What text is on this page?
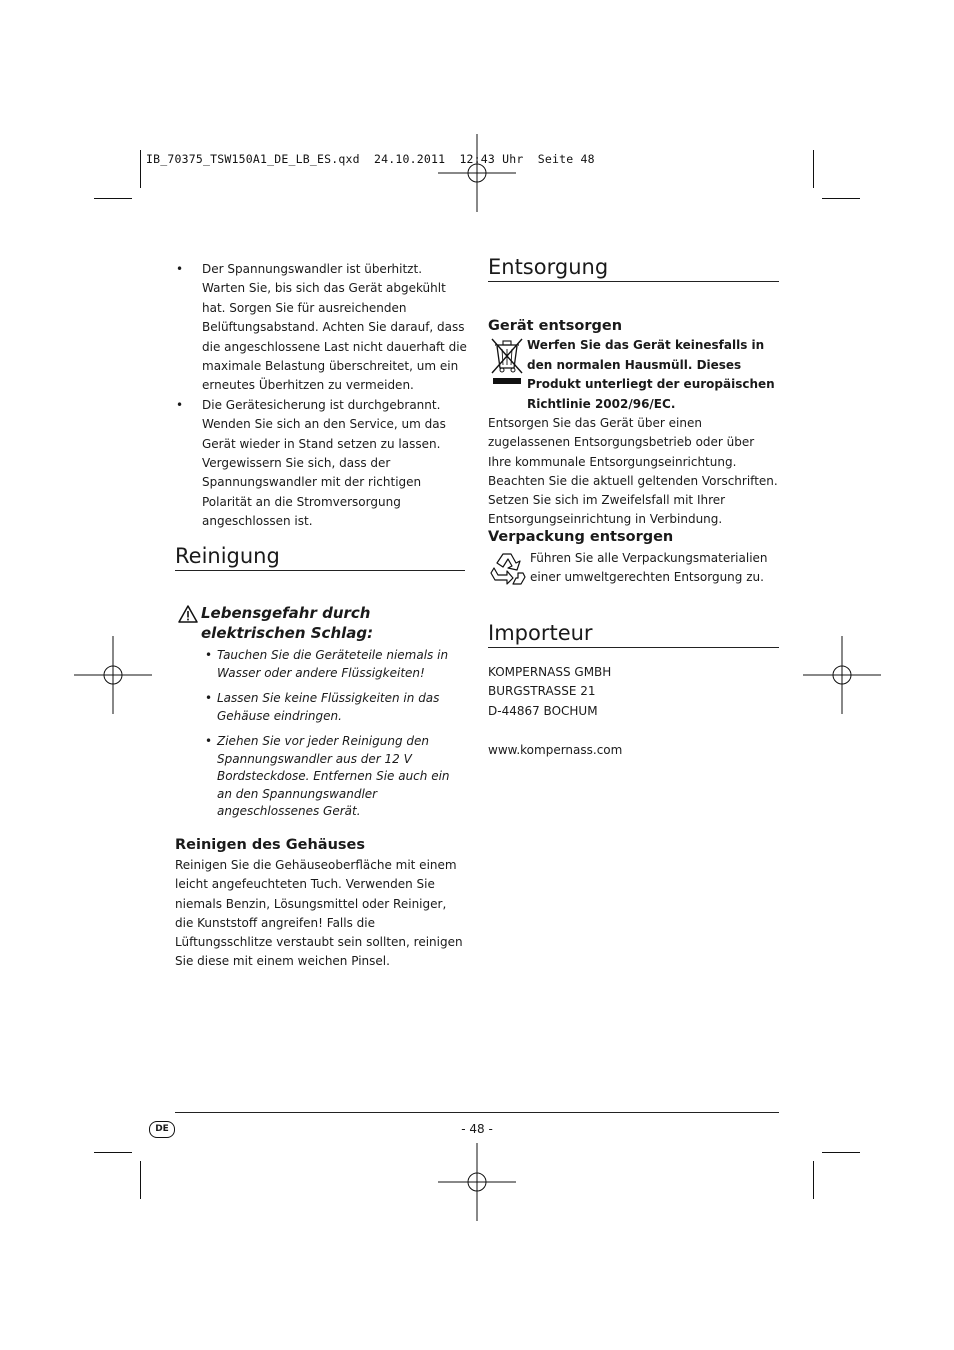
IB_70375_TSW150A1_DE_LB_ES.qxd  24.10.2011  12:43 Uhr  Seite 48
• Der Spannungswandler ist überhitzt. Warten Sie, bis sich das Gerät abgekühlt hat. Sorgen Sie für ausreichenden Belüftungsabstand. Achten Sie darauf, dass die angeschlossene Last nicht dauerhaft die maximale Belastung überschreitet, um ein erneutes Überhitzen zu vermeiden.
• Die Gerätesicherung ist durchgebrannt. Wenden Sie sich an den Service, um das Gerät wieder in Stand setzen zu lassen. Vergewissern Sie sich, dass der Spannungswandler mit der richtigen Polarität an die Stromversorgung angeschlossen ist.
Reinigung
Lebensgefahr durch elektrischen Schlag:
• Tauchen Sie die Geräteteile niemals in Wasser oder andere Flüssigkeiten!
• Lassen Sie keine Flüssigkeiten in das Gehäuse eindringen.
• Ziehen Sie vor jeder Reinigung den Spannungswandler aus der 12 V Bordsteckdose. Entfernen Sie auch ein an den Spannungswandler angeschlossenes Gerät.
Reinigen des Gehäuses
Reinigen Sie die Gehäuseoberfläche mit einem leicht angefeuchteten Tuch. Verwenden Sie niemals Benzin, Lösungsmittel oder Reiniger, die Kunststoff angreifen! Falls die Lüftungsschlitze verstaubt sein sollten, reinigen Sie diese mit einem weichen Pinsel.
Entsorgung
Gerät entsorgen
Werfen Sie das Gerät keinesfalls in den normalen Hausmüll. Dieses Produkt unterliegt der europäischen Richtlinie 2002/96/EC.
Entsorgen Sie das Gerät über einen zugelassenen Entsorgungsbetrieb oder über Ihre kommunale Entsorgungseinrichtung. Beachten Sie die aktuell geltenden Vorschriften. Setzen Sie sich im Zweifelsfall mit Ihrer Entsorgungseinrichtung in Verbindung.
Verpackung entsorgen
Führen Sie alle Verpackungsmaterialien einer umweltgerechten Entsorgung zu.
Importeur
KOMPERNASS GMBH
BURGSTRASSE 21
D-44867 BOCHUM
www.kompernass.com
DE	- 48 -
